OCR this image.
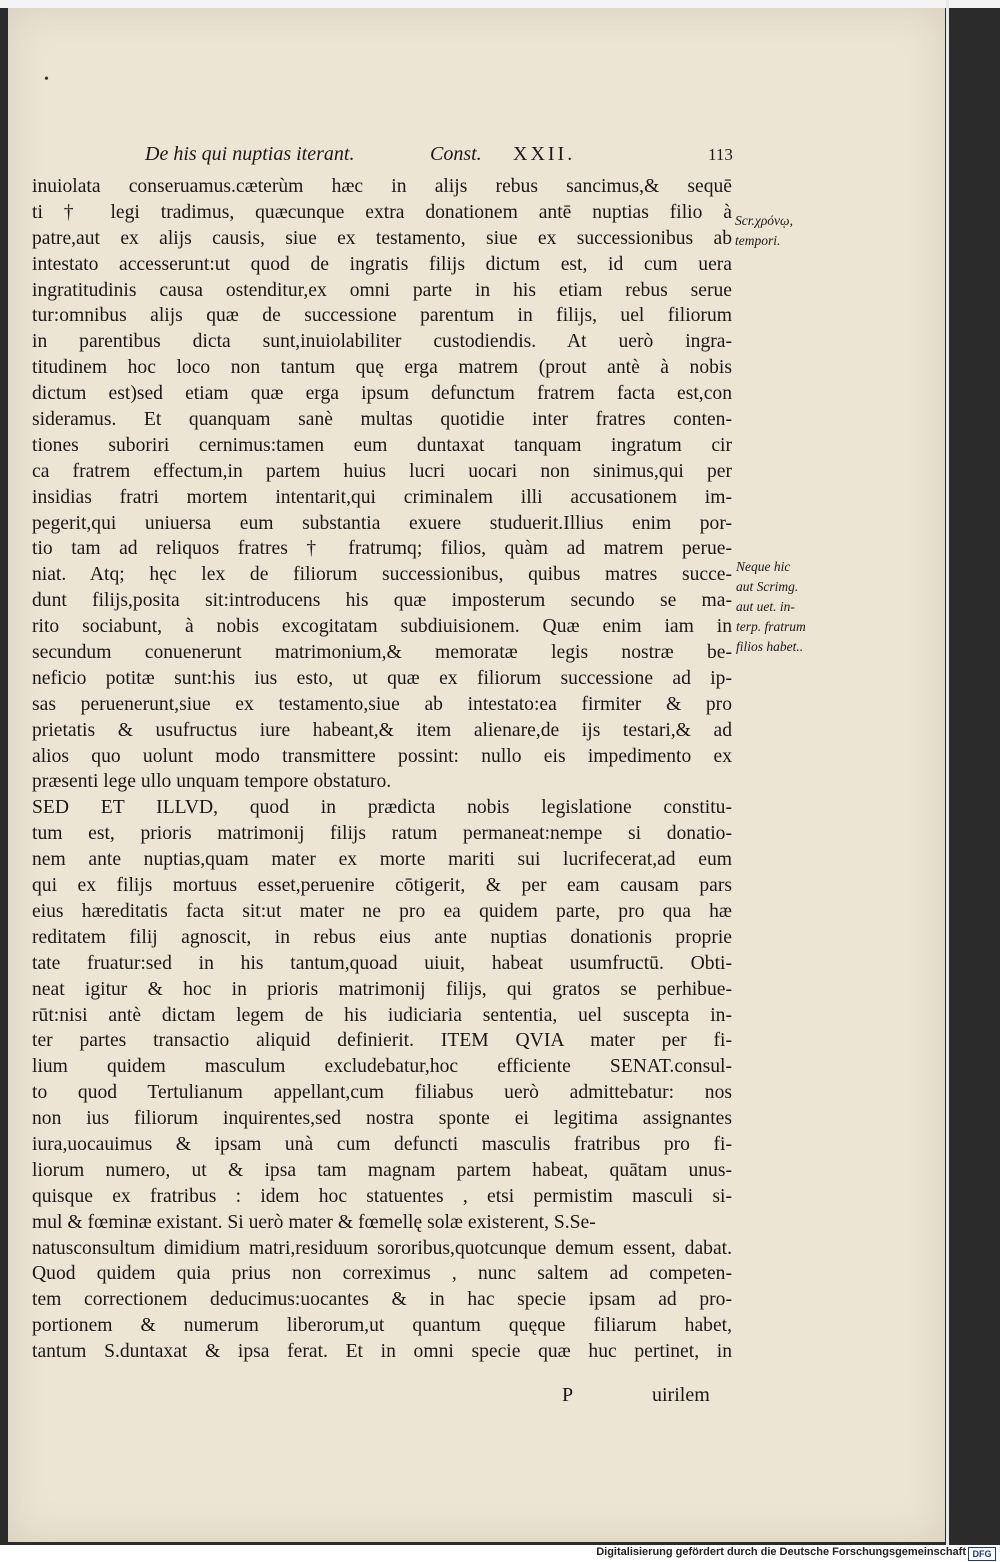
•
De his qui nuptias iterant.	Const. XXII.	113
inuiolata conseruamus.cæterùm hæc in alijs rebus sancimus,& sequē
ti † legi tradimus, quæcunque extra donationem antē nuptias filio à
patre,aut ex alijs causis, siue ex testamento, siue ex successionibus ab
intestato accesserunt:ut quod de ingratis filijs dictum est, id cum uera
ingratitudinis causa ostenditur,ex omni parte in his etiam rebus serue
tur:omnibus alijs quæ de successione parentum in filijs, uel filiorum
in parentibus dicta sunt,inuiolabiliter custodiendis. At uerò ingra-
titudinem hoc loco non tantum quę erga matrem (prout antè à nobis
dictum est)sed etiam quæ erga ipsum defunctum fratrem facta est,con
sideramus. Et quanquam sanè multas quotidie inter fratres conten-
tiones suboriri cernimus:tamen eum duntaxat tanquam ingratum cir
ca fratrem effectum,in partem huius lucri uocari non sinimus,qui per
insidias fratri mortem intentarit,qui criminalem illi accusationem im-
pegerit,qui uniuersa eum substantia exuere studuerit.Illius enim por-
tio tam ad reliquos fratres † fratrumq; filios, quàm ad matrem perue-
niat. Atq; hęc lex de filiorum successionibus, quibus matres succe-
dunt filijs,posita sit:introducens his quæ imposterum secundo se ma-
rito sociabunt, à nobis excogitatam subdiuisionem. Quæ enim iam in
secundum conuenerunt matrimonium,& memoratæ legis nostræ be-
neficio potitæ sunt:his ius esto, ut quæ ex filiorum successione ad ip-
sas peruenerunt,siue ex testamento,siue ab intestato:ea firmiter & pro
prietatis & usufructus iure habeant,& item alienare,de ijs testari,& ad
alios quo uolunt modo transmittere possint: nullo eis impedimento ex
præsenti lege ullo unquam tempore obstaturo.
SED ET ILLVD, quod in prædicta nobis legislatione constitu-
tum est, prioris matrimonij filijs ratum permaneat:nempe si donatio-
nem ante nuptias,quam mater ex morte mariti sui lucrifecerat,ad eum
qui ex filijs mortuus esset,peruenire cōtigerit, & per eam causam pars
eius hæreditatis facta sit:ut mater ne pro ea quidem parte, pro qua hæ
reditatem filij agnoscit, in rebus eius ante nuptias donationis proprie
tate fruatur:sed in his tantum,quoad uiuit, habeat usumfructū. Obti-
neat igitur & hoc in prioris matrimonij filijs, qui gratos se perhibue-
rūt:nisi antè dictam legem de his iudiciaria sententia, uel suscepta in-
ter partes transactio aliquid definierit. ITEM QVIA mater per fi-
lium quidem masculum excludebatur,hoc efficiente SENAT.consul-
to quod Tertulianum appellant,cum filiabus uerò admittebatur: nos
non ius filiorum inquirentes,sed nostra sponte ei legitima assignantes
iura,uocauimus & ipsam unà cum defuncti masculis fratribus pro fi-
liorum numero, ut & ipsa tam magnam partem habeat, quātam unus-
quisque ex fratribus : idem hoc statuentes , etsi permistim masculi si-
mul & fœminæ existant. Si uerò mater & fœmellę solæ existerent, S.Se-
natusconsultum dimidium matri,residuum sororibus,quotcunque demum essent, dabat.
Quod quidem quia prius non correximus , nunc saltem ad competen-
tem correctionem deducimus:uocantes & in hac specie ipsam ad pro-
portionem & numerum liberorum,ut quantum quęque filiarum habet,
tantum S.duntaxat & ipsa ferat. Et in omni specie quæ huc pertinet, in
Scr.χρόνῳ,
tempori.
Neque hic
aut Scrimg.
aut uet. in-
terp. fratrum
filios habet..
P	uirilem
Digitalisierung gefördert durch die Deutsche Forschungsgemeinschaft DFG
